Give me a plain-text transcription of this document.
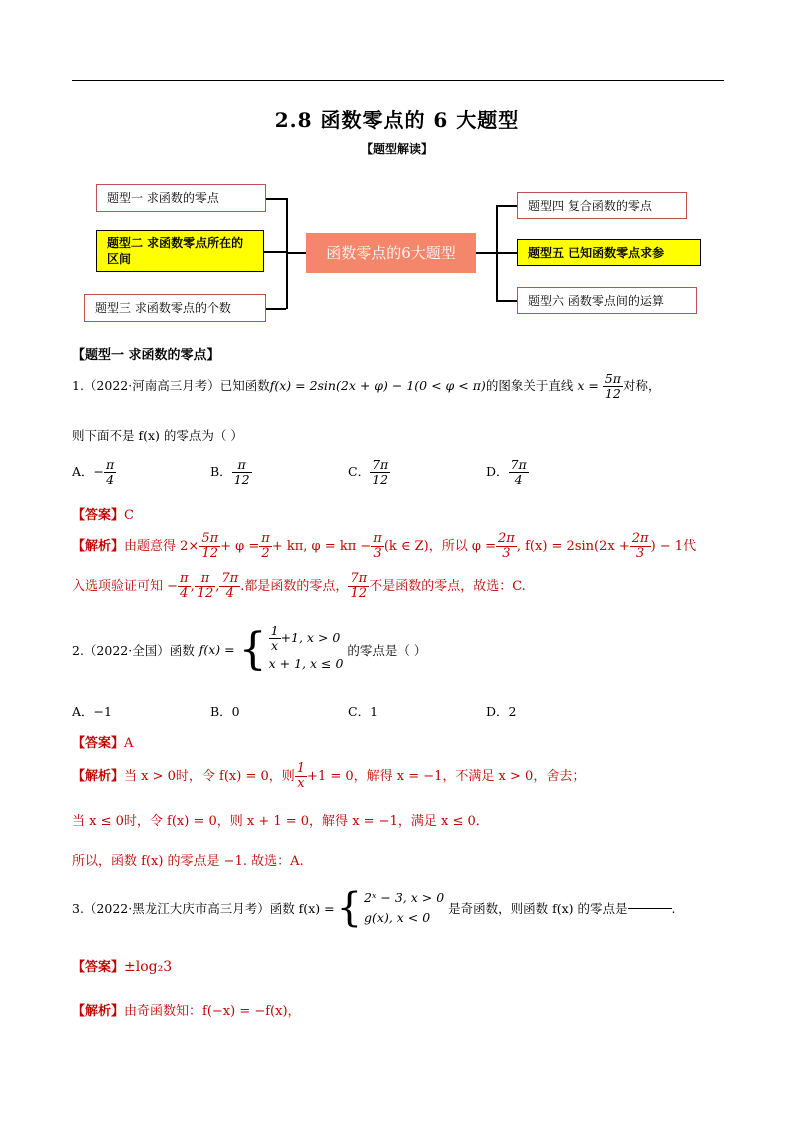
2.8 函数零点的 6 大题型
【题型解读】
题型一 求函数的零点
题型二 求函数零点所在的区间
题型三 求函数零点的个数
函数零点的6大题型
题型四 复合函数的零点
题型五 已知函数零点求参
题型六 函数零点间的运算
【题型一 求函数的零点】
1.（2022·河南高三月考）已知函数f(x) = 2sin(2x + φ) − 1(0 < φ < π)的图象关于直线 $x = \frac{5\pi}{12}$ 对称，
则下面不是 f(x) 的零点为（ ）
A．− $\frac{\pi}{4}$	B． $\frac{\pi}{12}$	C． $\frac{7\pi}{12}$	D． $\frac{7\pi}{4}$
【答案】C
【解析】由题意得 $2\times \frac{5\pi}{12} + \varphi = \frac{\pi}{2} + k\pi$, $\varphi = k\pi - \frac{\pi}{3} (k$ ∈ Z)，所以 $\varphi = \frac{2\pi}{3}$ , $f(x) = 2\sin(2x + \frac{2\pi}{3}$ ) − 1代
入选项验证可知 − $\frac{\pi}{4}$ , $\frac{\pi}{12}$ , $\frac{7\pi}{4}$ .都是函数的零点， $\frac{7\pi}{12}$ 不是函数的零点，故选：C.
2.（2022·全国）函数 f(x) = { $\frac{1}{x} +1$, x > 0
x + 1, x ≤ 0
的零点是（ ）
A．−1	B．0	C．1	D．2
【答案】A
【解析】当 x > 0时，令 f(x) = 0，则 $\frac{1}{x} +1 = 0$，解得 x = −1，不满足 x > 0，舍去；
当 x ≤ 0时，令 f(x) = 0，则 x + 1 = 0，解得 x = −1，满足 x ≤ 0．
所以，函数 f(x) 的零点是 −1. 故选：A.
3.（2022·黑龙江大庆市高三月考）函数 f(x) = { 2ˣ − 3, x > 0
g(x), x < 0
是奇函数，则函数 f(x) 的零点是	.
【答案】±log₂3
【解析】由奇函数知：f(−x) = −f(x)，
